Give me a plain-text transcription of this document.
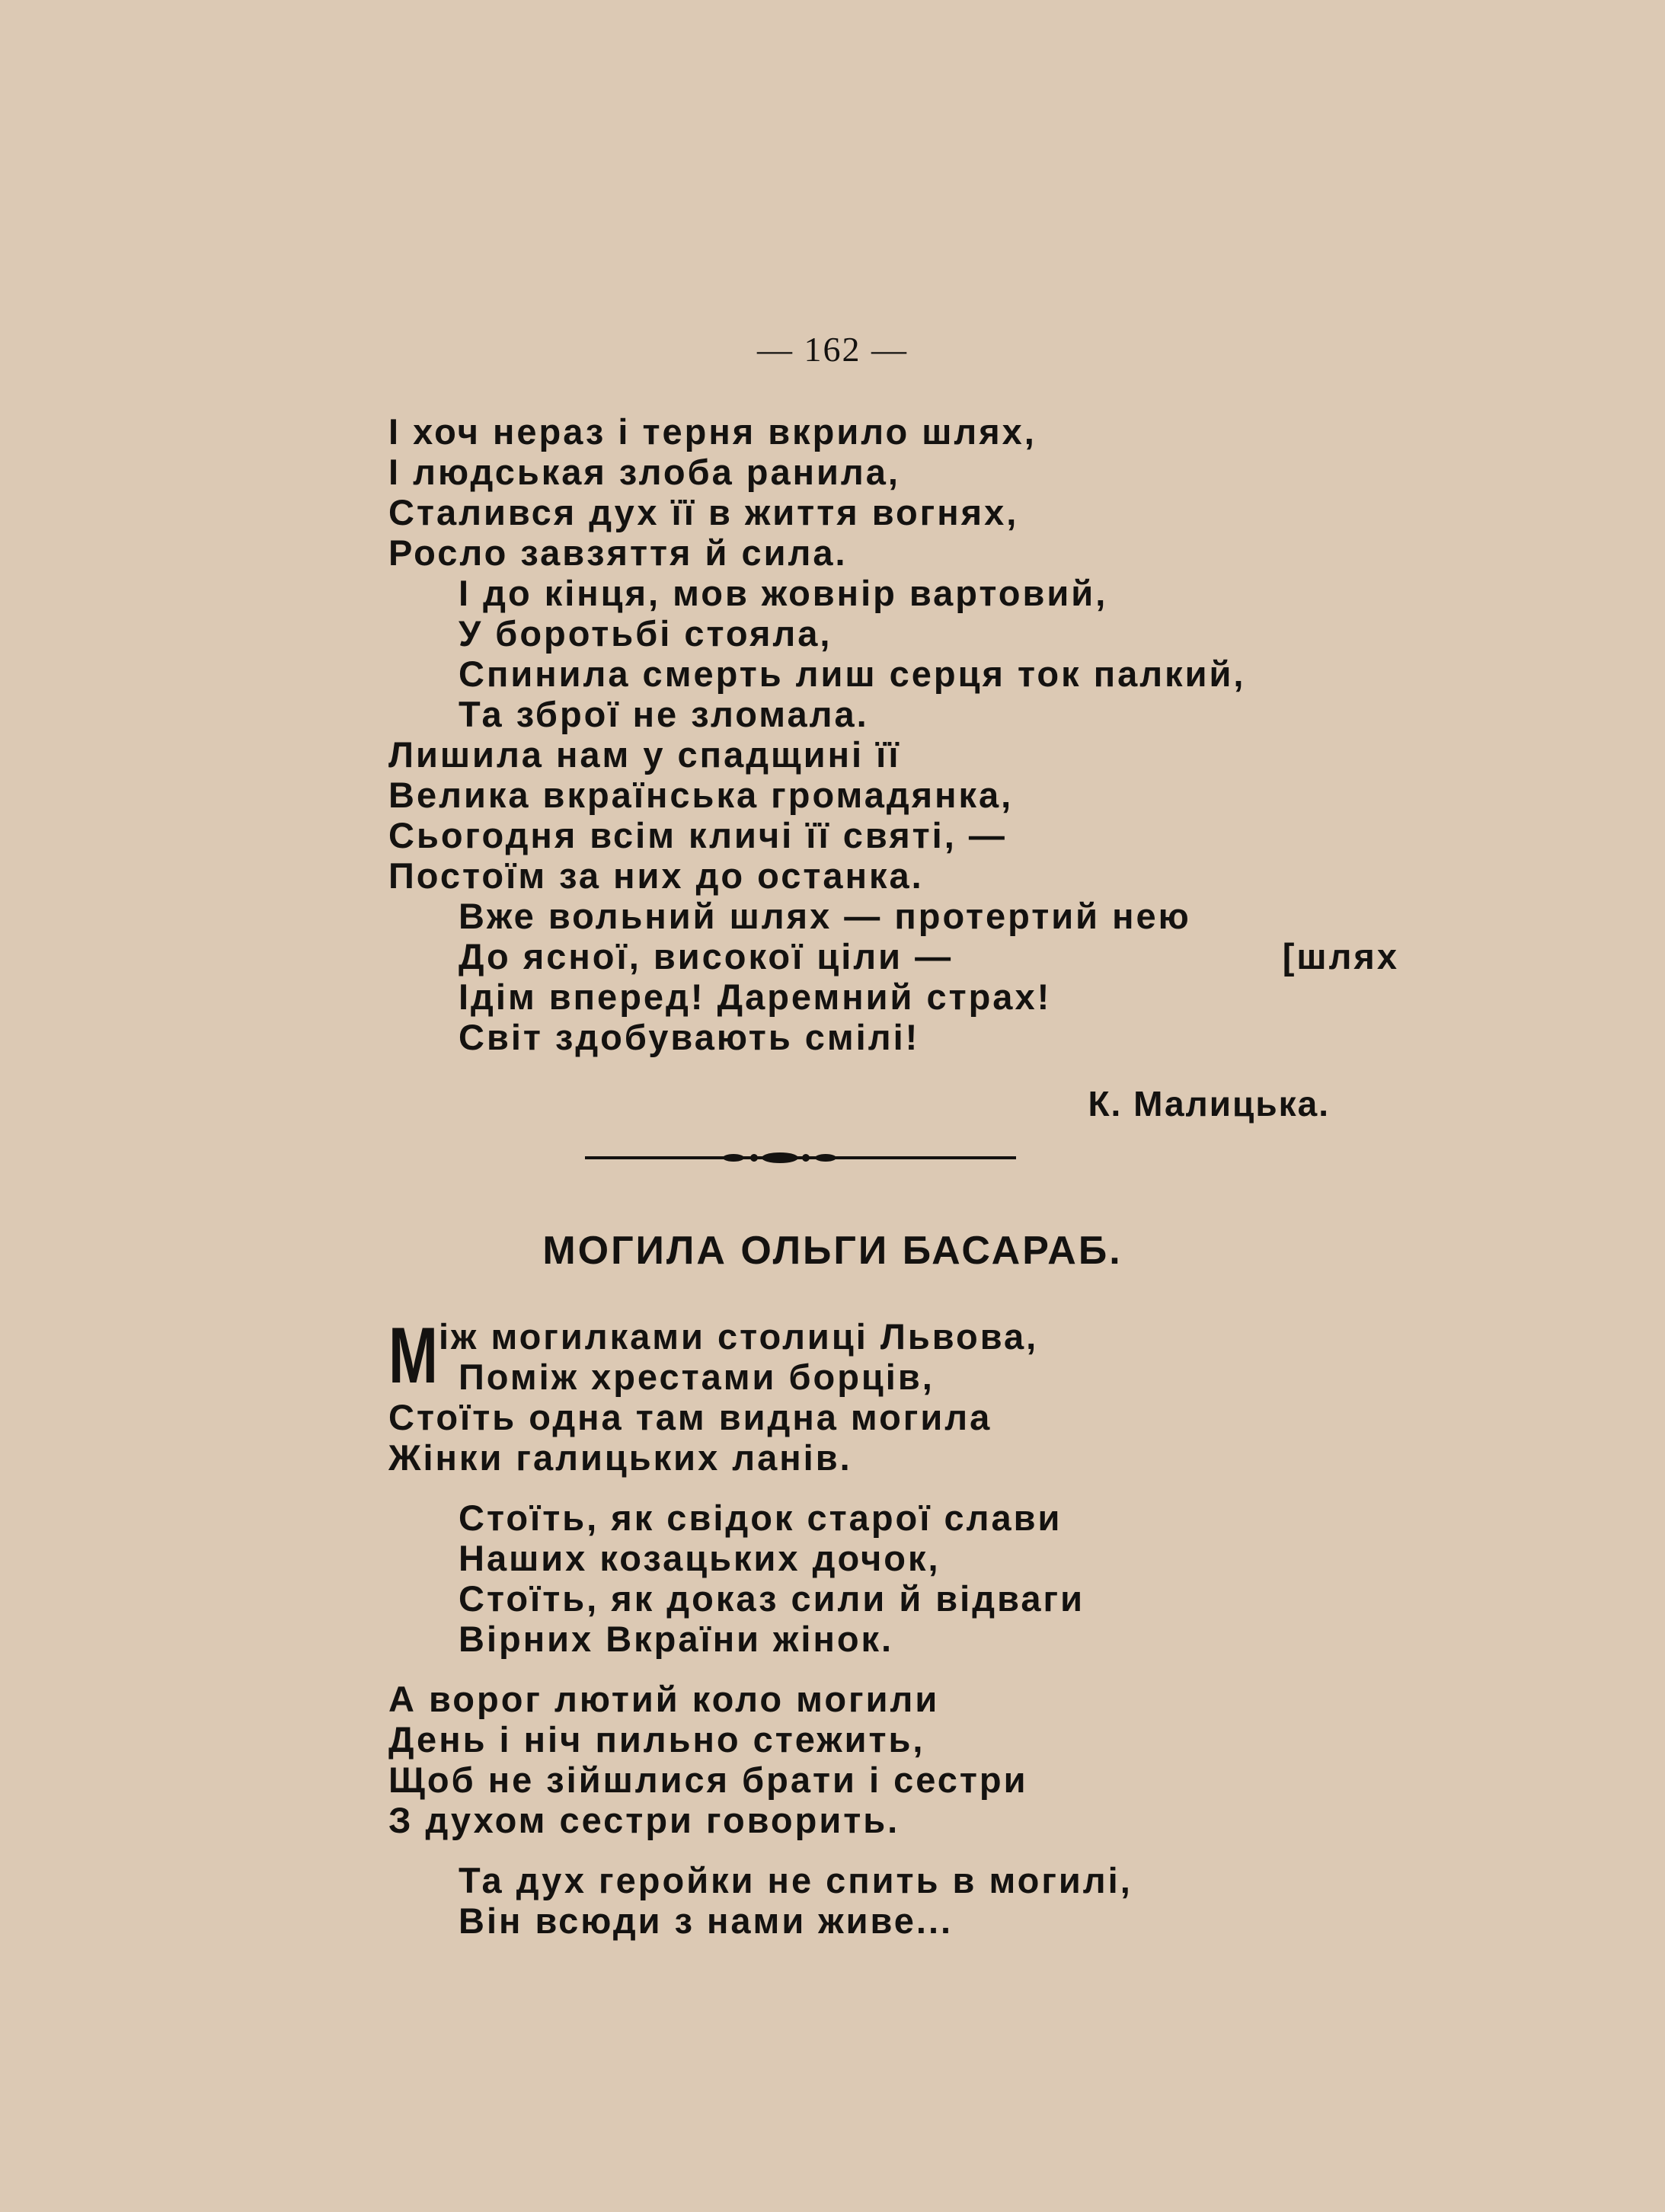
— 162 —
І хоч нераз і терня вкрило шлях,
І людськая злоба ранила,
Сталився дух її в життя вогнях,
Росло завзяття й сила.
І до кінця, мов жовнір вартовий,
У боротьбі стояла,
Спинила смерть лиш серця ток палкий,
Та зброї не зломала.
Лишила нам у спадщині її
Велика вкраїнська громадянка,
Сьогодня всім кличі її святі, —
Постоїм за них до останка.
Вже вольний шлях — протертий нею
До ясної, високої ціли —	[шлях
Ідім вперед! Даремний страх!
Світ здобувають смілі!
К. Малицька.
МОГИЛА ОЛЬГИ БАСАРАБ.
М іж могилками столиці Львова,
Поміж хрестами борців,
Стоїть одна там видна могила
Жінки галицьких ланів.
Стоїть, як свідок старої слави
Наших козацьких дочок,
Стоїть, як доказ сили й відваги
Вірних Вкраїни жінок.
А ворог лютий коло могили
День і ніч пильно стежить,
Щоб не зійшлися брати і сестри
З духом сестри говорить.
Та дух геройки не спить в могилі,
Він всюди з нами живе...
